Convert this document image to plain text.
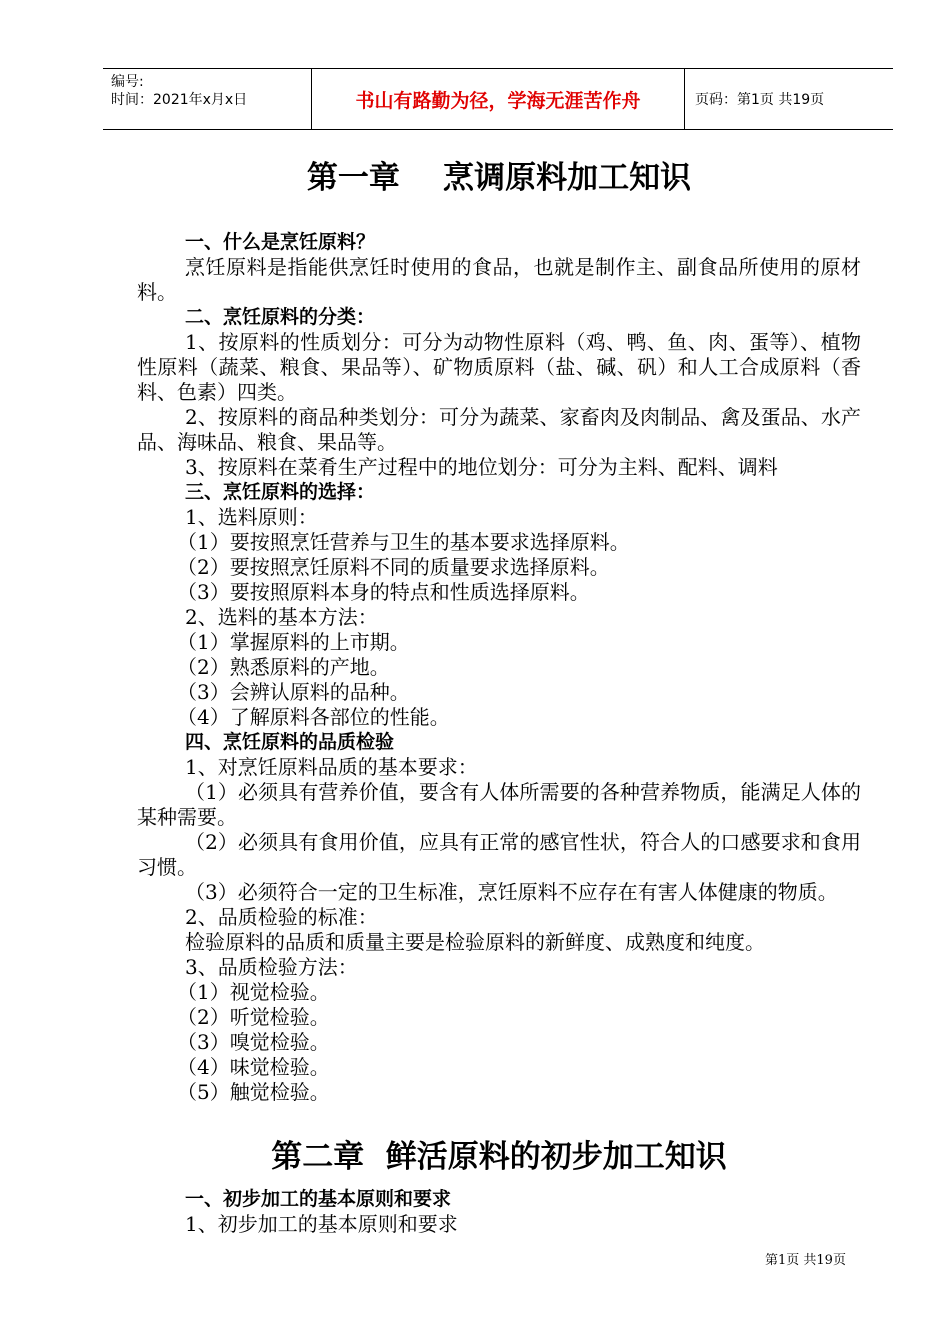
编号:
时间：2021年x月x日	书山有路勤为径，学海无涯苦作舟	页码：第1页 共19页
第一章    烹调原料加工知识
一、什么是烹饪原料？
烹饪原料是指能供烹饪时使用的食品，也就是制作主、副食品所使用的原材料。
二、烹饪原料的分类：
1、按原料的性质划分：可分为动物性原料（鸡、鸭、鱼、肉、蛋等）、植物性原料（蔬菜、粮食、果品等）、矿物质原料（盐、碱、矾）和人工合成原料（香料、色素）四类。
2、按原料的商品种类划分：可分为蔬菜、家畜肉及肉制品、禽及蛋品、水产品、海味品、粮食、果品等。
3、按原料在菜肴生产过程中的地位划分：可分为主料、配料、调料
三、烹饪原料的选择：
1、选料原则：
（1）要按照烹饪营养与卫生的基本要求选择原料。
（2）要按照烹饪原料不同的质量要求选择原料。
（3）要按照原料本身的特点和性质选择原料。
2、选料的基本方法：
（1）掌握原料的上市期。
（2）熟悉原料的产地。
（3）会辨认原料的品种。
（4）了解原料各部位的性能。
四、烹饪原料的品质检验
1、对烹饪原料品质的基本要求：
（1）必须具有营养价值，要含有人体所需要的各种营养物质，能满足人体的某种需要。
（2）必须具有食用价值，应具有正常的感官性状，符合人的口感要求和食用习惯。
（3）必须符合一定的卫生标准，烹饪原料不应存在有害人体健康的物质。
2、品质检验的标准：
检验原料的品质和质量主要是检验原料的新鲜度、成熟度和纯度。
3、品质检验方法：
（1）视觉检验。
（2）听觉检验。
（3）嗅觉检验。
（4）味觉检验。
（5）触觉检验。
第二章  鲜活原料的初步加工知识
一、初步加工的基本原则和要求
1、初步加工的基本原则和要求
第1页 共19页
